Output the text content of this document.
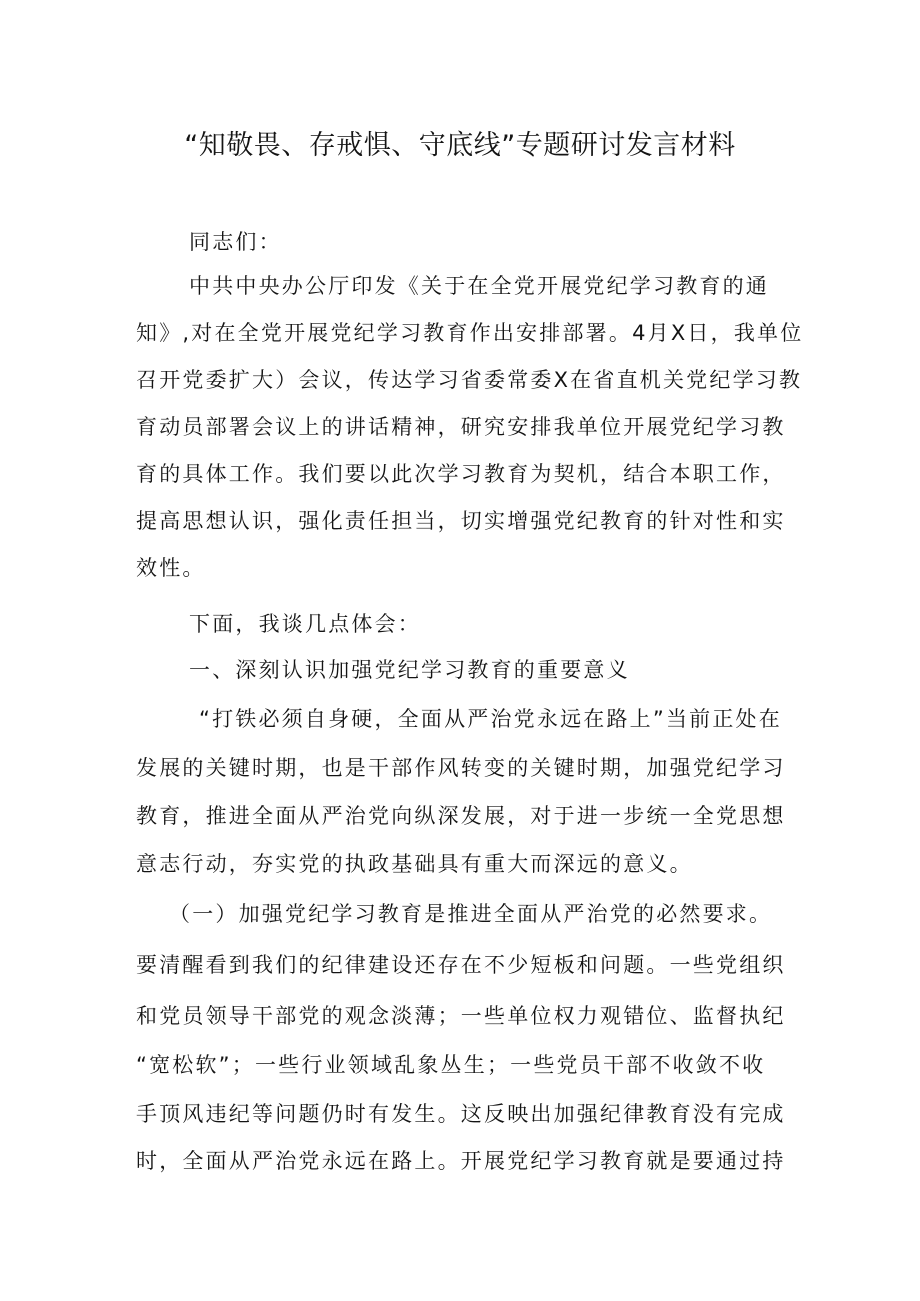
“知敬畏、存戒惧、守底线”专题研讨发言材料
同志们：
中共中央办公厅印发《关于在全党开展党纪学习教育的通
知》,对在全党开展党纪学习教育作出安排部署。4月X日，我单位
召开党委扩大）会议，传达学习省委常委X在省直机关党纪学习教
育动员部署会议上的讲话精神，研究安排我单位开展党纪学习教
育的具体工作。我们要以此次学习教育为契机，结合本职工作，
提高思想认识，强化责任担当，切实增强党纪教育的针对性和实
效性。
下面，我谈几点体会：
一、深刻认识加强党纪学习教育的重要意义
“打铁必须自身硬，全面从严治党永远在路上”当前正处在
发展的关键时期，也是干部作风转变的关键时期，加强党纪学习
教育，推进全面从严治党向纵深发展，对于进一步统一全党思想
意志行动，夯实党的执政基础具有重大而深远的意义。
（一）加强党纪学习教育是推进全面从严治党的必然要求。
要清醒看到我们的纪律建设还存在不少短板和问题。一些党组织
和党员领导干部党的观念淡薄；一些单位权力观错位、监督执纪
“宽松软”；一些行业领域乱象丛生；一些党员干部不收敛不收
手顶风违纪等问题仍时有发生。这反映出加强纪律教育没有完成
时，全面从严治党永远在路上。开展党纪学习教育就是要通过持
